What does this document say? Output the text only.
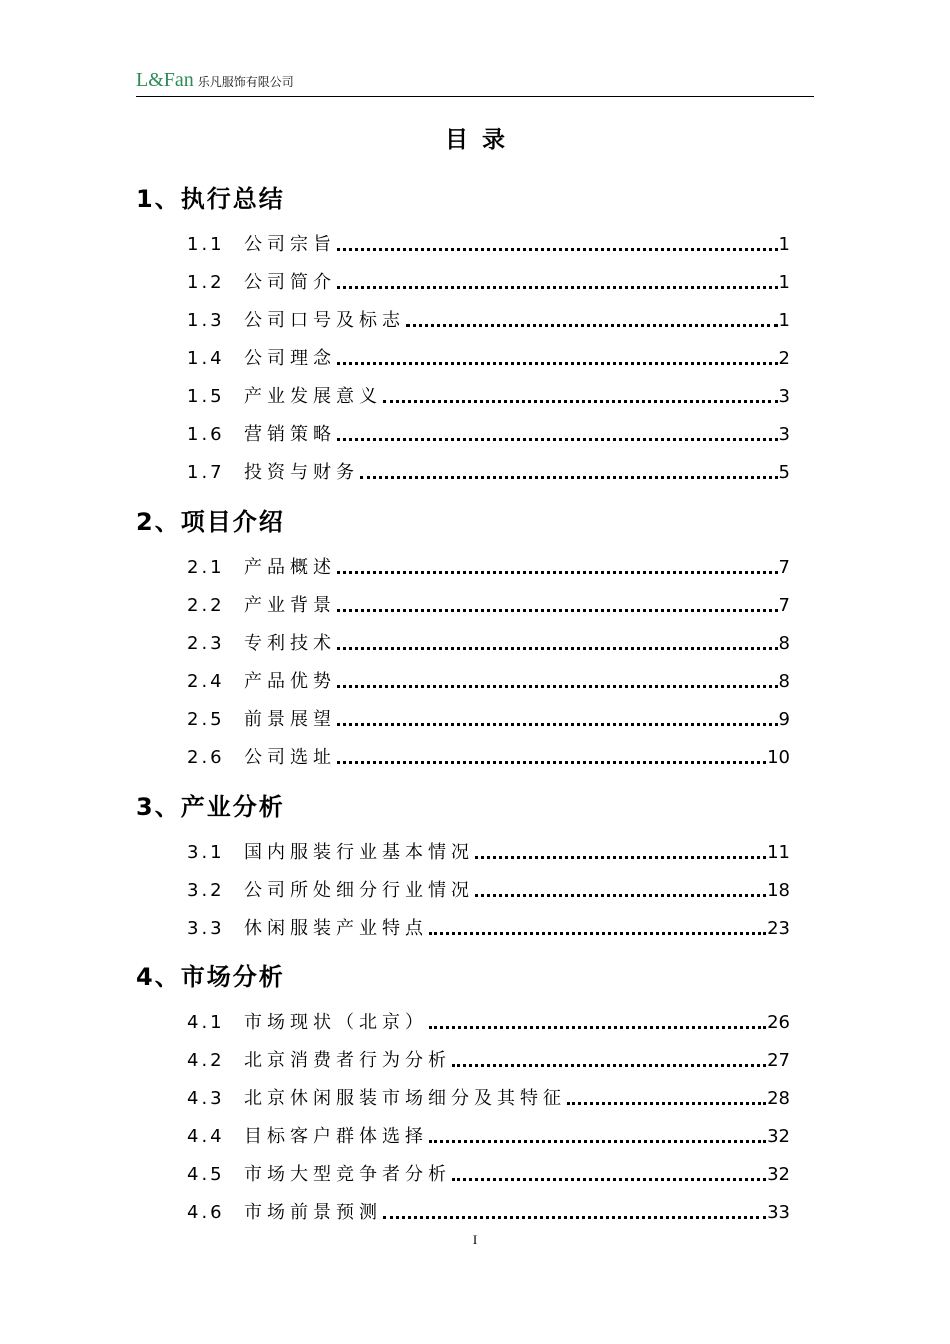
L&Fan 乐凡服饰有限公司
目录
1、执行总结
1.1	公司宗旨	1
1.2	公司简介	1
1.3	公司口号及标志	1
1.4	公司理念	2
1.5	产业发展意义	3
1.6	营销策略	3
1.7	投资与财务	5
2、项目介绍
2.1	产品概述	7
2.2	产业背景	7
2.3	专利技术	8
2.4	产品优势	8
2.5	前景展望	9
2.6	公司选址	10
3、产业分析
3.1	国内服装行业基本情况	11
3.2	公司所处细分行业情况	18
3.3	休闲服装产业特点	23
4、市场分析
4.1	市场现状（北京）	26
4.2	北京消费者行为分析	27
4.3	北京休闲服装市场细分及其特征	28
4.4	目标客户群体选择	32
4.5	市场大型竞争者分析	32
4.6	市场前景预测	33
I
